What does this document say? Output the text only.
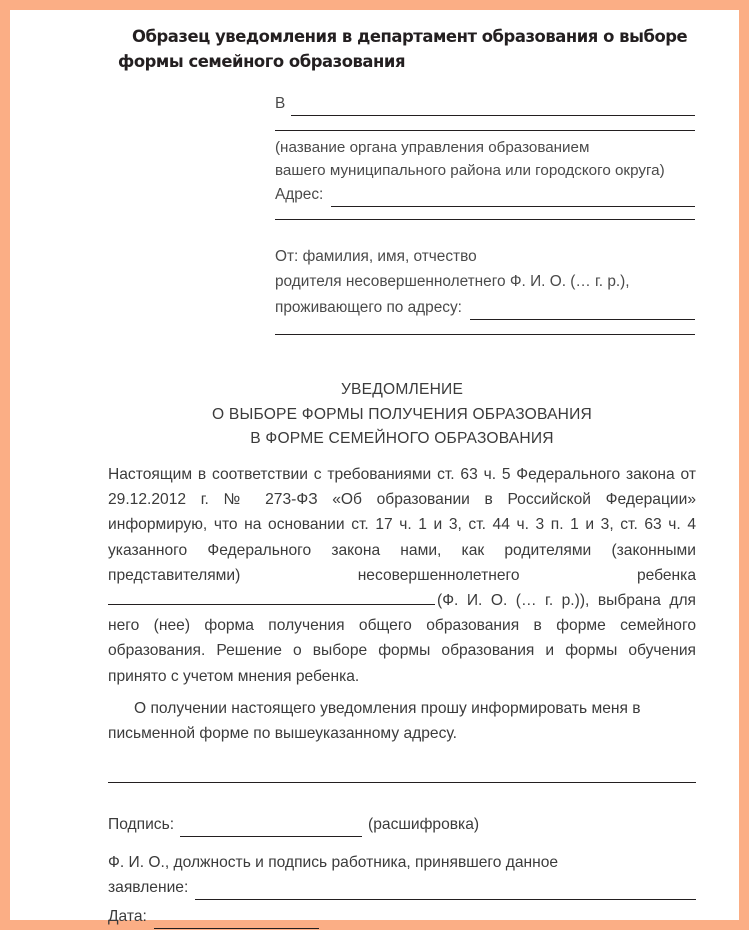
Образец уведомления в департамент образования о выборе формы семейного образования
В
(название органа управления образованием
вашего муниципального района или городского округа)
Адрес:
От: фамилия, имя, отчество
родителя несовершеннолетнего Ф. И. О. (… г. р.),
проживающего по адресу:
УВЕДОМЛЕНИЕ
О ВЫБОРЕ ФОРМЫ ПОЛУЧЕНИЯ ОБРАЗОВАНИЯ
В ФОРМЕ СЕМЕЙНОГО ОБРАЗОВАНИЯ
Настоящим в соответствии с требованиями ст. 63 ч. 5 Федерального закона от 29.12.2012 г. № 273-ФЗ «Об образовании в Российской Федерации» информирую, что на основании ст. 17 ч. 1 и 3, ст. 44 ч. 3 п. 1 и 3, ст. 63 ч. 4 указанного Федерального закона нами, как родителями (законными представителями) несовершеннолетнего ребенка (Ф. И. О. (… г. р.)), выбрана для него (нее) форма получения общего образования в форме семейного образования. Решение о выборе формы образования и формы обучения принято с учетом мнения ребенка.
О получении настоящего уведомления прошу информировать меня в письменной форме по вышеуказанному адресу.
Подпись:	(расшифровка)
Ф. И. О., должность и подпись работника, принявшего данное
заявление:
Дата:
